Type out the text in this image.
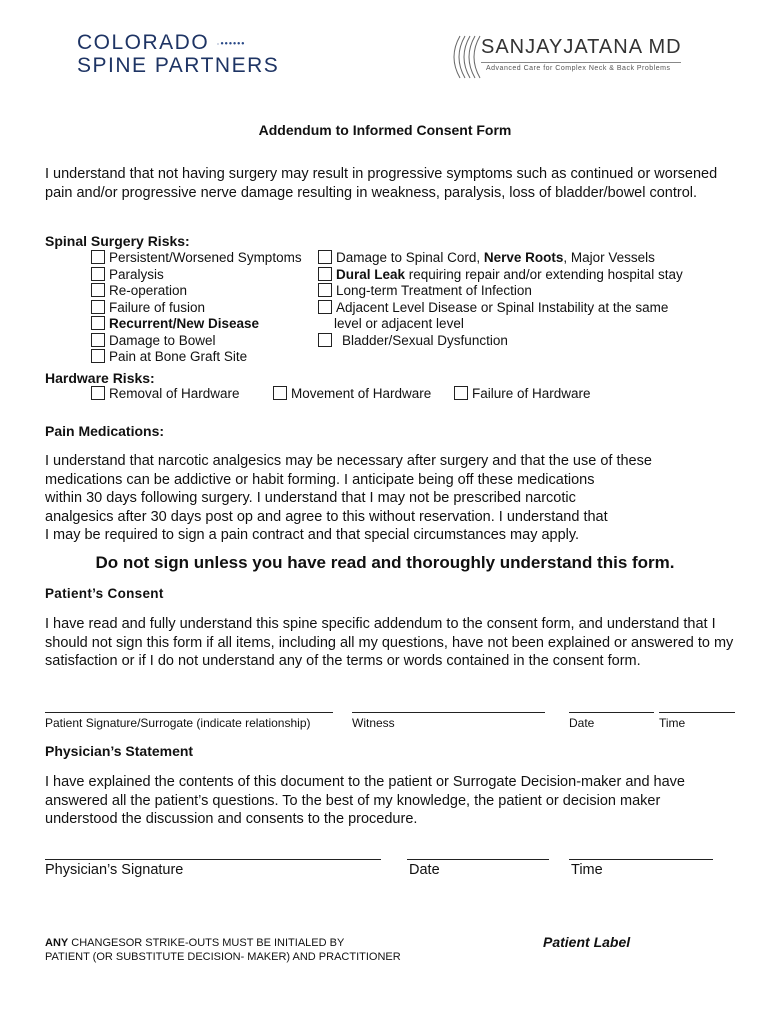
COLORADO ·••••••
SPINE PARTNERS
SANJAYJATANA MD
Advanced Care for Complex Neck & Back Problems
Addendum to Informed Consent Form
I understand that not having surgery may result in progressive symptoms such as continued or worsened pain and/or progressive nerve damage resulting in weakness, paralysis, loss of bladder/bowel control.
Spinal Surgery Risks:
Persistent/Worsened Symptoms
Paralysis
Re-operation
Failure of fusion
Recurrent/New Disease
Damage to Bowel
Pain at Bone Graft Site
Damage to Spinal Cord, Nerve Roots, Major Vessels
Dural Leak requiring repair and/or extending hospital stay
Long-term Treatment of Infection
Adjacent Level Disease or Spinal Instability at the same
level or adjacent level
Bladder/Sexual Dysfunction
Hardware Risks:
Removal of Hardware	Movement of Hardware	Failure of Hardware
Pain Medications:
I understand that narcotic analgesics may be necessary after surgery and that the use of these
medications can be addictive or habit forming. I anticipate being off these medications
within 30 days following surgery. I understand that I may not be prescribed narcotic
analgesics after 30 days post op and agree to this without reservation. I understand that
I may be required to sign a pain contract and that special circumstances may apply.
Do not sign unless you have read and thoroughly understand this form.
Patient’s Consent
I have read and fully understand this spine specific addendum to the consent form, and understand that I should not sign this form if all items, including all my questions, have not been explained or answered to my satisfaction or if I do not understand any of the terms or words contained in the consent form.
Patient Signature/Surrogate (indicate relationship)	Witness	Date	Time
Physician’s Statement
I have explained the contents of this document to the patient or Surrogate Decision-maker and have answered all the patient’s questions. To the best of my knowledge, the patient or decision maker understood the discussion and consents to the procedure.
Physician’s Signature	Date	Time
ANY CHANGESOR STRIKE-OUTS MUST BE INITIALED BY
PATIENT (OR SUBSTITUTE DECISION- MAKER) AND PRACTITIONER
Patient Label
